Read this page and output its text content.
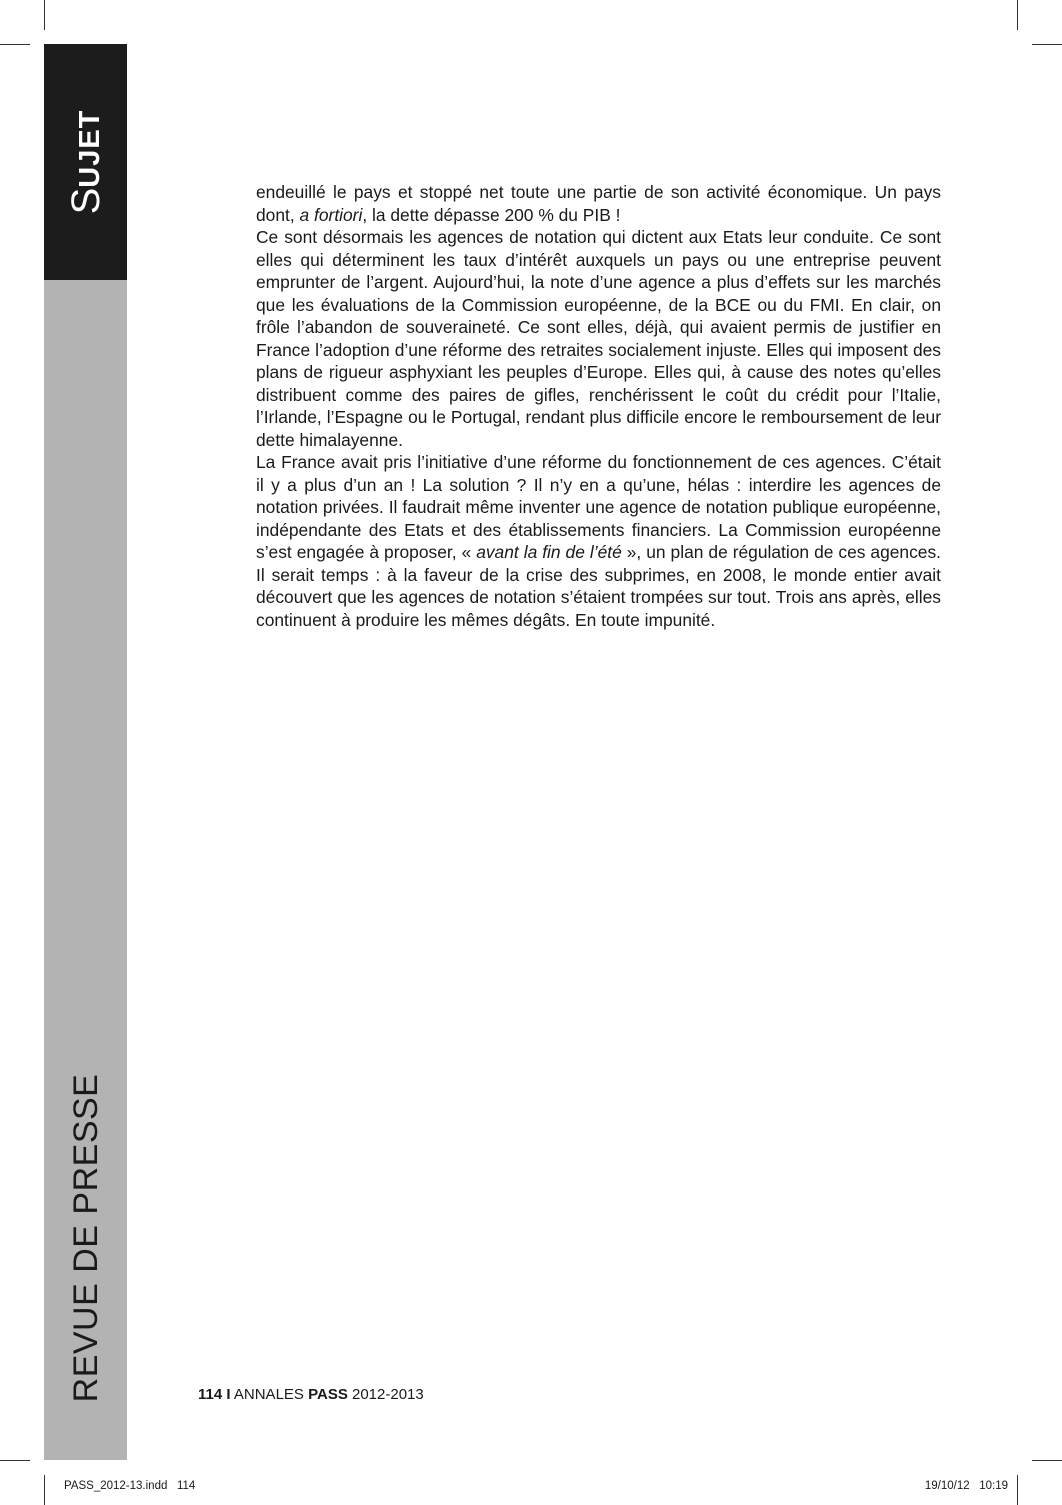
SUJET
REVUE DE PRESSE

endeuillé le pays et stoppé net toute une partie de son activité économique. Un pays dont, a fortiori, la dette dépasse 200 % du PIB !

Ce sont désormais les agences de notation qui dictent aux Etats leur conduite. Ce sont elles qui déterminent les taux d’intérêt auxquels un pays ou une entreprise peuvent emprunter de l’argent. Aujourd’hui, la note d’une agence a plus d’effets sur les marchés que les évaluations de la Commission européenne, de la BCE ou du FMI. En clair, on frôle l’abandon de souveraineté. Ce sont elles, déjà, qui avaient permis de justifier en France l’adoption d’une réforme des retraites socialement injuste. Elles qui imposent des plans de rigueur asphyxiant les peuples d’Europe. Elles qui, à cause des notes qu’elles distribuent comme des paires de gifles, renchérissent le coût du crédit pour l’Italie, l’Irlande, l’Espagne ou le Portugal, rendant plus difficile encore le remboursement de leur dette himalayenne.

La France avait pris l’initiative d’une réforme du fonctionnement de ces agences. C’était il y a plus d’un an ! La solution ? Il n’y en a qu’une, hélas : interdire les agences de notation privées. Il faudrait même inventer une agence de notation publique européenne, indépendante des Etats et des établissements financiers. La Commission européenne s’est engagée à proposer, « avant la fin de l’été », un plan de régulation de ces agences. Il serait temps : à la faveur de la crise des subprimes, en 2008, le monde entier avait découvert que les agences de notation s’étaient trompées sur tout. Trois ans après, elles continuent à produire les mêmes dégâts. En toute impunité.

114 I ANNALES PASS 2012-2013
PASS_2012-13.indd   114	19/10/12   10:19
